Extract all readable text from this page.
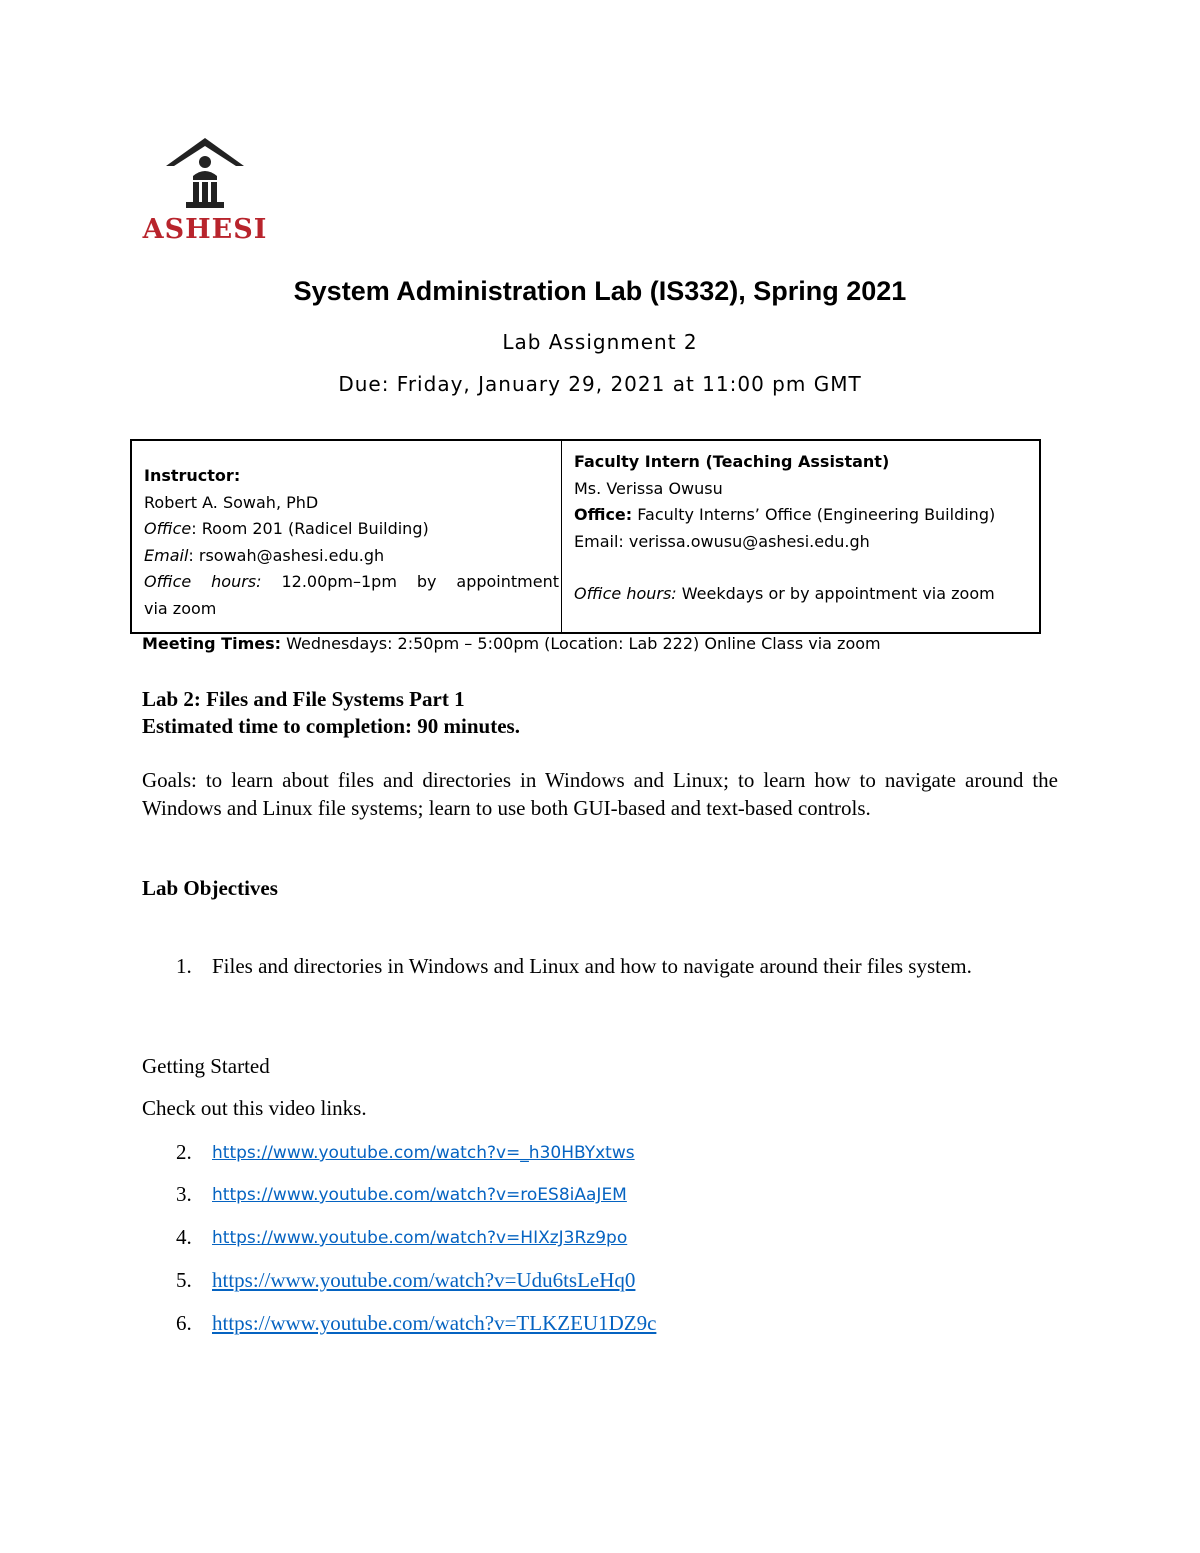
ASHESI
System Administration Lab (IS332), Spring 2021
Lab Assignment 2
Due: Friday, January 29, 2021 at 11:00 pm GMT
Instructor:
Robert A. Sowah, PhD
Office: Room 201 (Radicel Building)
Email: rsowah@ashesi.edu.gh
Office hours: 12.00pm–1pm by appointment
via zoom
Faculty Intern (Teaching Assistant)
Ms. Verissa Owusu
Office: Faculty Interns’ Office (Engineering Building)
Email: verissa.owusu@ashesi.edu.gh
Office hours: Weekdays or by appointment via zoom
Meeting Times: Wednesdays: 2:50pm – 5:00pm (Location: Lab 222) Online Class via zoom
Lab 2: Files and File Systems Part 1
Estimated time to completion: 90 minutes.
Goals: to learn about files and directories in Windows and Linux; to learn how to navigate around the Windows and Linux file systems; learn to use both GUI-based and text-based controls.
Lab Objectives
1. Files and directories in Windows and Linux and how to navigate around their files system.
Getting Started
Check out this video links.
2. https://www.youtube.com/watch?v=_h30HBYxtws
3. https://www.youtube.com/watch?v=roES8iAaJEM
4. https://www.youtube.com/watch?v=HIXzJ3Rz9po
5. https://www.youtube.com/watch?v=Udu6tsLeHq0
6. https://www.youtube.com/watch?v=TLKZEU1DZ9c
